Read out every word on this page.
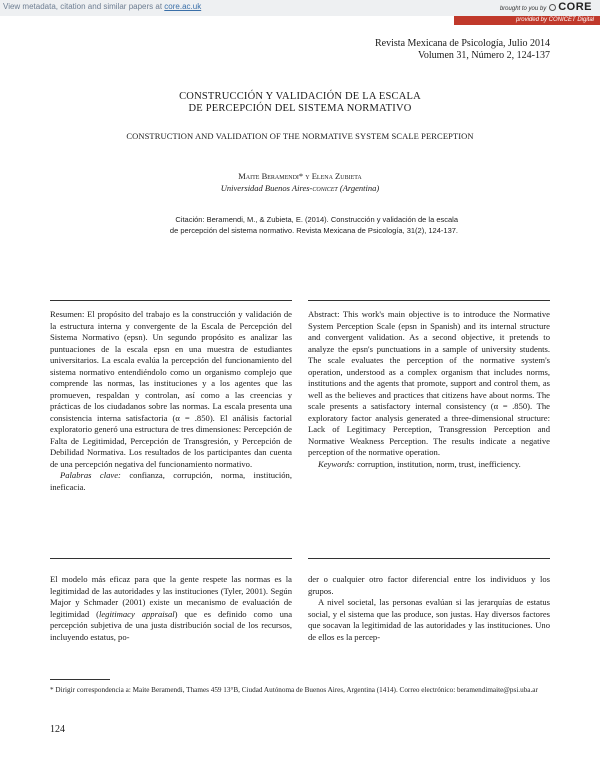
View metadata, citation and similar papers at core.ac.uk	brought to you by CORE
provided by CONICET Digital
Revista Mexicana de Psicología, Julio 2014
Volumen 31, Número 2, 124-137
CONSTRUCCIÓN Y VALIDACIÓN DE LA ESCALA
DE PERCEPCIÓN DEL SISTEMA NORMATIVO
CONSTRUCTION AND VALIDATION OF THE NORMATIVE SYSTEM SCALE PERCEPTION
Maite Beramendi* y Elena Zubieta
Universidad Buenos Aires-conicet (Argentina)
Citación: Beramendi, M., & Zubieta, E. (2014). Construcción y validación de la escala
de percepción del sistema normativo. Revista Mexicana de Psicología, 31(2), 124-137.

Resumen: El propósito del trabajo es la construcción y validación de la estructura interna y convergente de la Escala de Percepción del Sistema Normativo (epsn). Un segundo propósito es analizar las puntuaciones de la escala epsn en una muestra de estudiantes universitarios. La escala evalúa la percepción del funcionamiento del sistema normativo entendiéndolo como un organismo complejo que comprende las normas, las instituciones y a los agentes que las promueven, respaldan y controlan, así como a las creencias y prácticas de los ciudadanos sobre las normas. La escala presenta una consistencia interna satisfactoria (α = .850). El análisis factorial exploratorio generó una estructura de tres dimensiones: Percepción de Falta de Legitimidad, Percepción de Transgresión, y Percepción de Debilidad Normativa. Los resultados de los participantes dan cuenta de una percepción negativa del funcionamiento normativo.

Palabras clave: confianza, corrupción, norma, institución, ineficacia.

Abstract: This work's main objective is to introduce the Normative System Perception Scale (epsn in Spanish) and its internal structure and convergent validation. As a second objective, it pretends to analyze the epsn's punctuations in a sample of university students. The scale evaluates the perception of the normative system's operation, understood as a complex organism that includes norms, institutions and the agents that promote, support and control them, as well as the believes and practices that citizens have about norms. The scale presents a satisfactory internal consistency (α = .850). The exploratory factor analysis generated a three-dimensional structure: Lack of Legitimacy Perception, Transgression Perception and Normative Weakness Perception. The results indicate a negative perception of the normative operation.

Keywords: corruption, institution, norm, trust, inefficiency.

El modelo más eficaz para que la gente respete las normas es la legitimidad de las autoridades y las instituciones (Tyler, 2001). Según Major y Schmader (2001) existe un mecanismo de evaluación de legitimidad (legitimacy appraisal) que es definido como una percepción subjetiva de una justa distribución social de los recursos, incluyendo estatus, po-

der o cualquier otro factor diferencial entre los individuos y los grupos.

A nivel societal, las personas evalúan si las jerarquías de estatus social, y el sistema que las produce, son justas. Hay diversos factores que socavan la legitimidad de las autoridades y las instituciones. Uno de ellos es la percep-

* Dirigir correspondencia a: Maite Beramendi, Thames 459 13°B, Ciudad Autónoma de Buenos Aires, Argentina (1414). Correo electrónico: beramendimaite@psi.uba.ar
124
